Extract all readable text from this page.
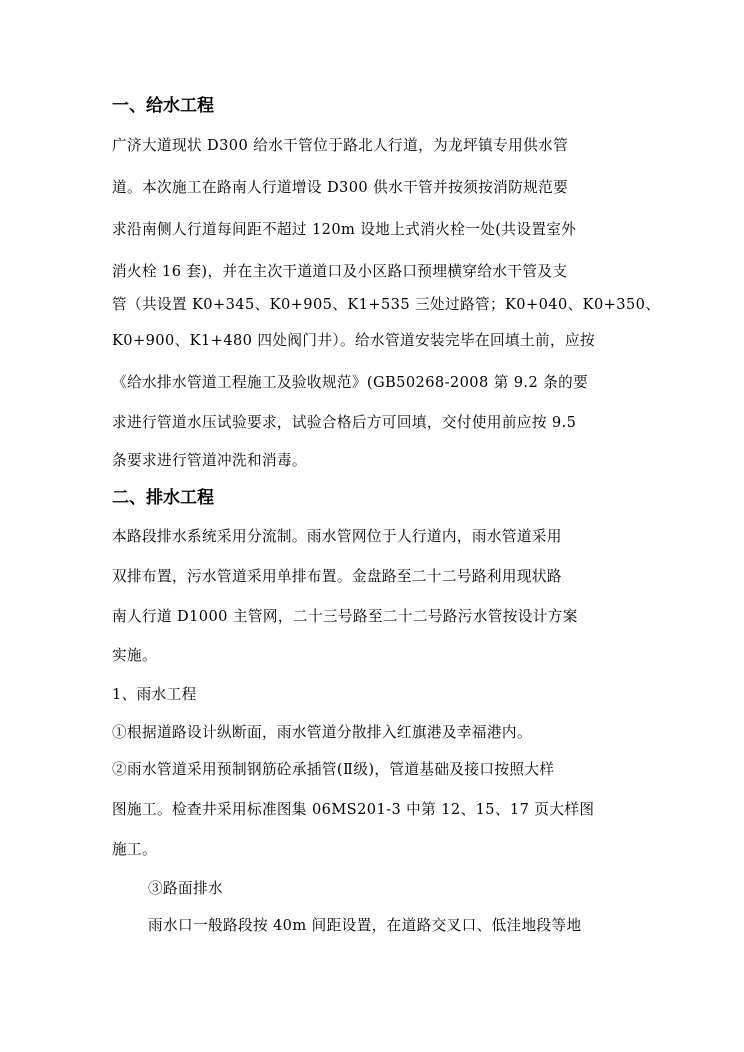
一、给水工程
广济大道现状 D300 给水干管位于路北人行道，为龙坪镇专用供水管
道。本次施工在路南人行道增设 D300 供水干管并按须按消防规范要
求沿南侧人行道每间距不超过 120m 设地上式消火栓一处(共设置室外
消火栓 16 套)，并在主次干道道口及小区路口预埋横穿给水干管及支
管（共设置 K0+345、K0+905、K1+535 三处过路管；K0+040、K0+350、
K0+900、K1+480 四处阀门井）。给水管道安装完毕在回填土前，应按
《给水排水管道工程施工及验收规范》(GB50268-2008 第 9.2 条的要
求进行管道水压试验要求，试验合格后方可回填，交付使用前应按 9.5
条要求进行管道冲洗和消毒。
二、排水工程
本路段排水系统采用分流制。雨水管网位于人行道内，雨水管道采用
双排布置，污水管道采用单排布置。金盘路至二十二号路利用现状路
南人行道 D1000 主管网，二十三号路至二十二号路污水管按设计方案
实施。
1、雨水工程
①根据道路设计纵断面，雨水管道分散排入红旗港及幸福港内。
②雨水管道采用预制钢筋砼承插管(Ⅱ级)，管道基础及接口按照大样
图施工。检查井采用标准图集 06MS201-3 中第 12、15、17 页大样图
施工。
③路面排水
雨水口一般路段按 40m 间距设置，在道路交叉口、低洼地段等地
